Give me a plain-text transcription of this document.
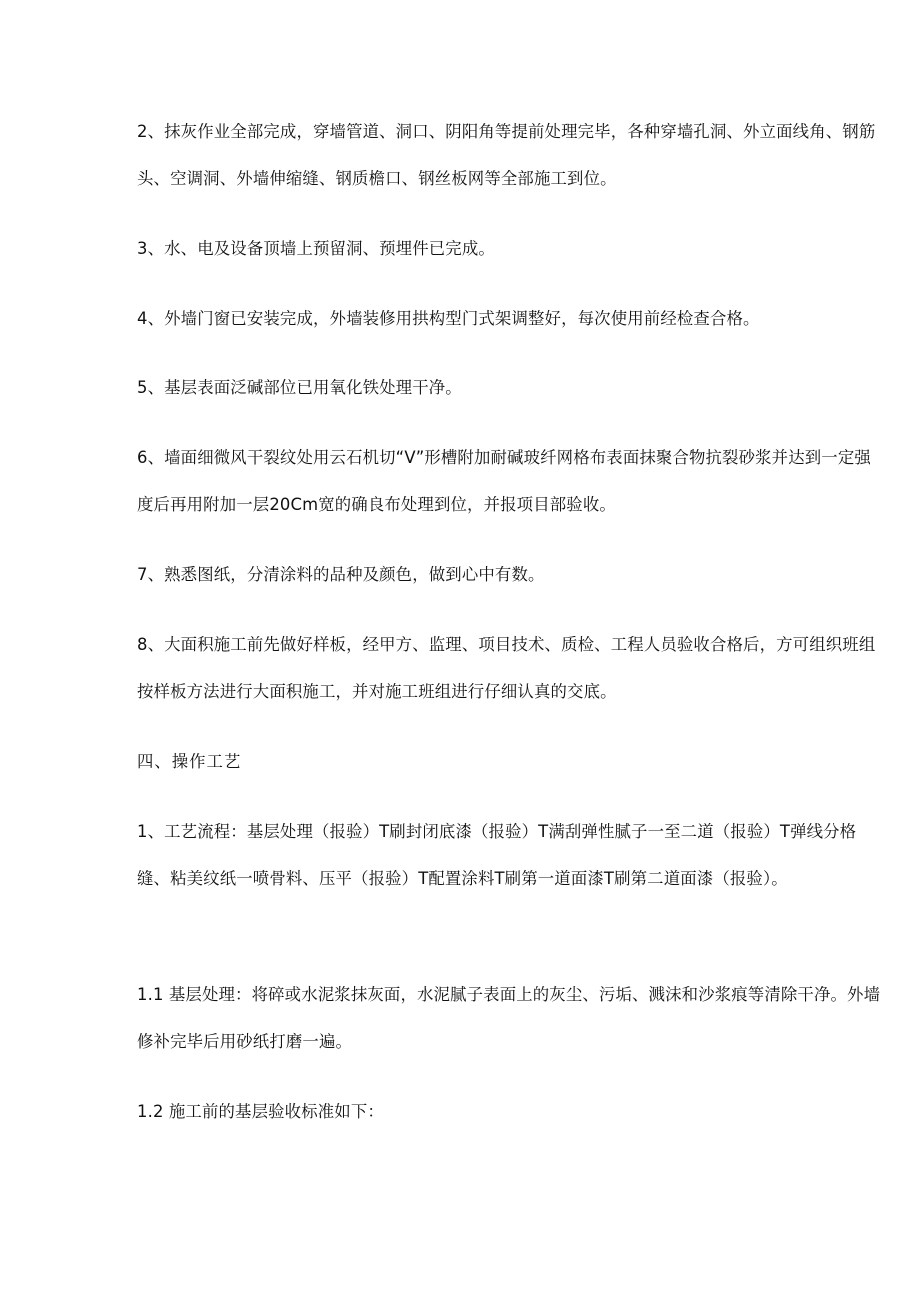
2、抹灰作业全部完成，穿墙管道、洞口、阴阳角等提前处理完毕，各种穿墙孔洞、外立面线角、钢筋头、空调洞、外墙伸缩缝、钢质檐口、钢丝板网等全部施工到位。

3、水、电及设备顶墙上预留洞、预埋件已完成。

4、外墙门窗已安装完成，外墙装修用拱构型门式架调整好，每次使用前经检查合格。

5、基层表面泛碱部位已用氧化铁处理干净。

6、墙面细微风干裂纹处用云石机切“V”形槽附加耐碱玻纤网格布表面抹聚合物抗裂砂浆并达到一定强度后再用附加一层20Cm宽的确良布处理到位，并报项目部验收。

7、熟悉图纸，分清涂料的品种及颜色，做到心中有数。

8、大面积施工前先做好样板，经甲方、监理、项目技术、质检、工程人员验收合格后，方可组织班组按样板方法进行大面积施工，并对施工班组进行仔细认真的交底。

四、操作工艺

1、工艺流程：基层处理（报验）T刷封闭底漆（报验）T满刮弹性腻子一至二道（报验）T弹线分格缝、粘美纹纸一喷骨料、压平（报验）T配置涂料T刷第一道面漆T刷第二道面漆（报验）。

1.1 基层处理：将碎或水泥浆抹灰面，水泥腻子表面上的灰尘、污垢、溅沫和沙浆痕等清除干净。外墙修补完毕后用砂纸打磨一遍。

1.2 施工前的基层验收标准如下：
